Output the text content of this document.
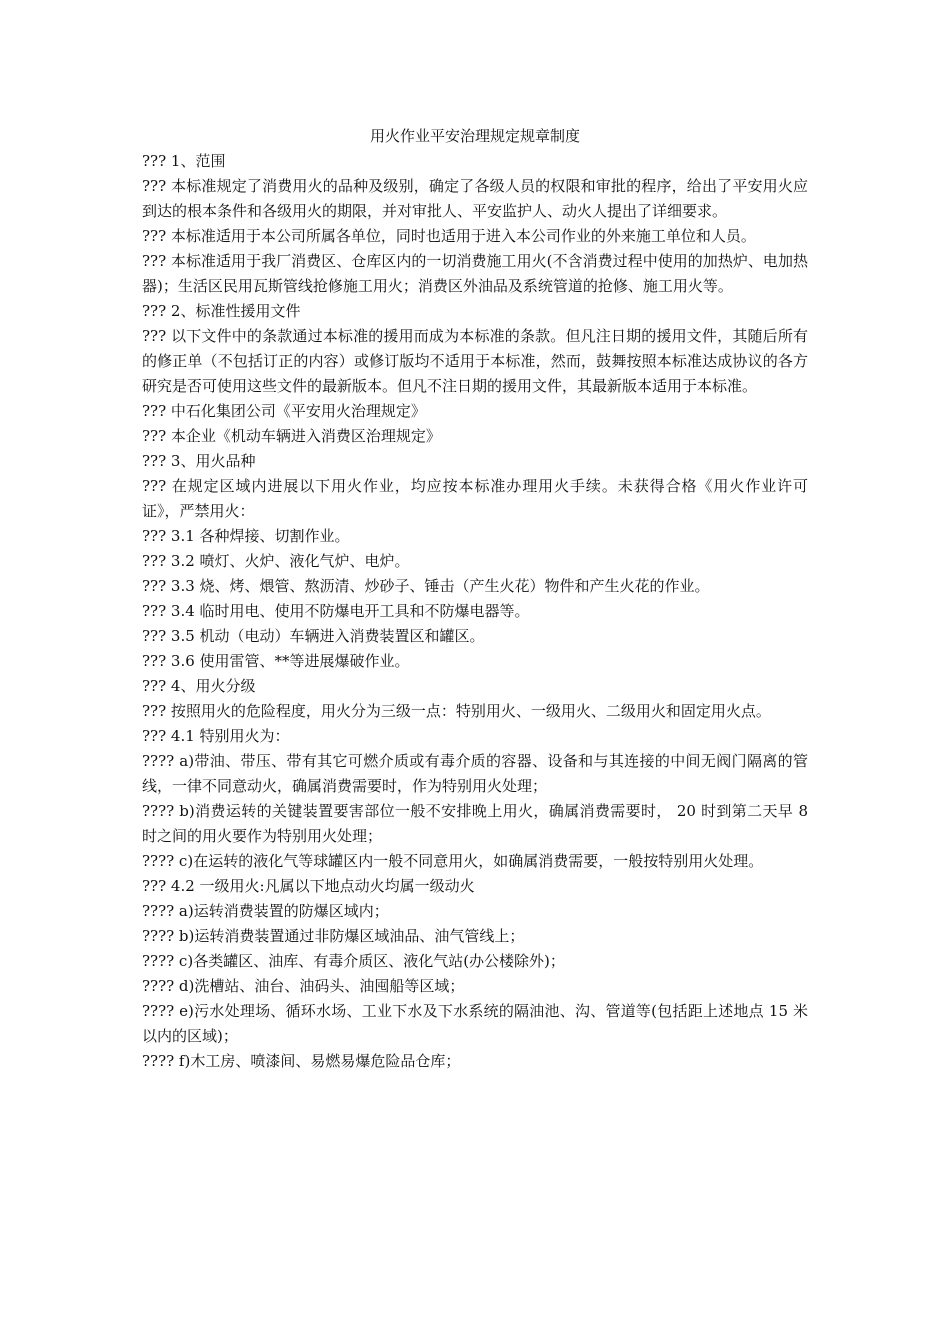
用火作业平安治理规定规章制度

??? 1、范围

??? 本标准规定了消费用火的品种及级别，确定了各级人员的权限和审批的程序，给出了平安用火应到达的根本条件和各级用火的期限，并对审批人、平安监护人、动火人提出了详细要求。

??? 本标准适用于本公司所属各单位，同时也适用于进入本公司作业的外来施工单位和人员。

??? 本标准适用于我厂消费区、仓库区内的一切消费施工用火(不含消费过程中使用的加热炉、电加热器)；生活区民用瓦斯管线抢修施工用火；消费区外油品及系统管道的抢修、施工用火等。

??? 2、标准性援用文件

??? 以下文件中的条款通过本标准的援用而成为本标准的条款。但凡注日期的援用文件，其随后所有的修正单（不包括订正的内容）或修订版均不适用于本标准，然而，鼓舞按照本标准达成协议的各方研究是否可使用这些文件的最新版本。但凡不注日期的援用文件，其最新版本适用于本标准。

??? 中石化集团公司《平安用火治理规定》

??? 本企业《机动车辆进入消费区治理规定》

??? 3、用火品种

??? 在规定区域内进展以下用火作业，均应按本标准办理用火手续。未获得合格《用火作业许可证》，严禁用火：

??? 3.1 各种焊接、切割作业。

??? 3.2 喷灯、火炉、液化气炉、电炉。

??? 3.3 烧、烤、煨管、熬沥清、炒砂子、锤击（产生火花）物件和产生火花的作业。

??? 3.4 临时用电、使用不防爆电开工具和不防爆电器等。

??? 3.5 机动（电动）车辆进入消费装置区和罐区。

??? 3.6 使用雷管、**等进展爆破作业。

??? 4、用火分级

??? 按照用火的危险程度，用火分为三级一点：特别用火、一级用火、二级用火和固定用火点。

??? 4.1 特别用火为：

???? a)带油、带压、带有其它可燃介质或有毒介质的容器、设备和与其连接的中间无阀门隔离的管线，一律不同意动火，确属消费需要时，作为特别用火处理；

???? b)消费运转的关键装置要害部位一般不安排晚上用火，确属消费需要时， 20 时到第二天早 8 时之间的用火要作为特别用火处理；

???? c)在运转的液化气等球罐区内一般不同意用火，如确属消费需要，一般按特别用火处理。

??? 4.2 一级用火:凡属以下地点动火均属一级动火

???? a)运转消费装置的防爆区域内；

???? b)运转消费装置通过非防爆区域油品、油气管线上；

???? c)各类罐区、油库、有毒介质区、液化气站(办公楼除外)；

???? d)洗槽站、油台、油码头、油囤船等区域；

???? e)污水处理场、循环水场、工业下水及下水系统的隔油池、沟、管道等(包括距上述地点 15 米以内的区域)；

???? f)木工房、喷漆间、易燃易爆危险品仓库；
